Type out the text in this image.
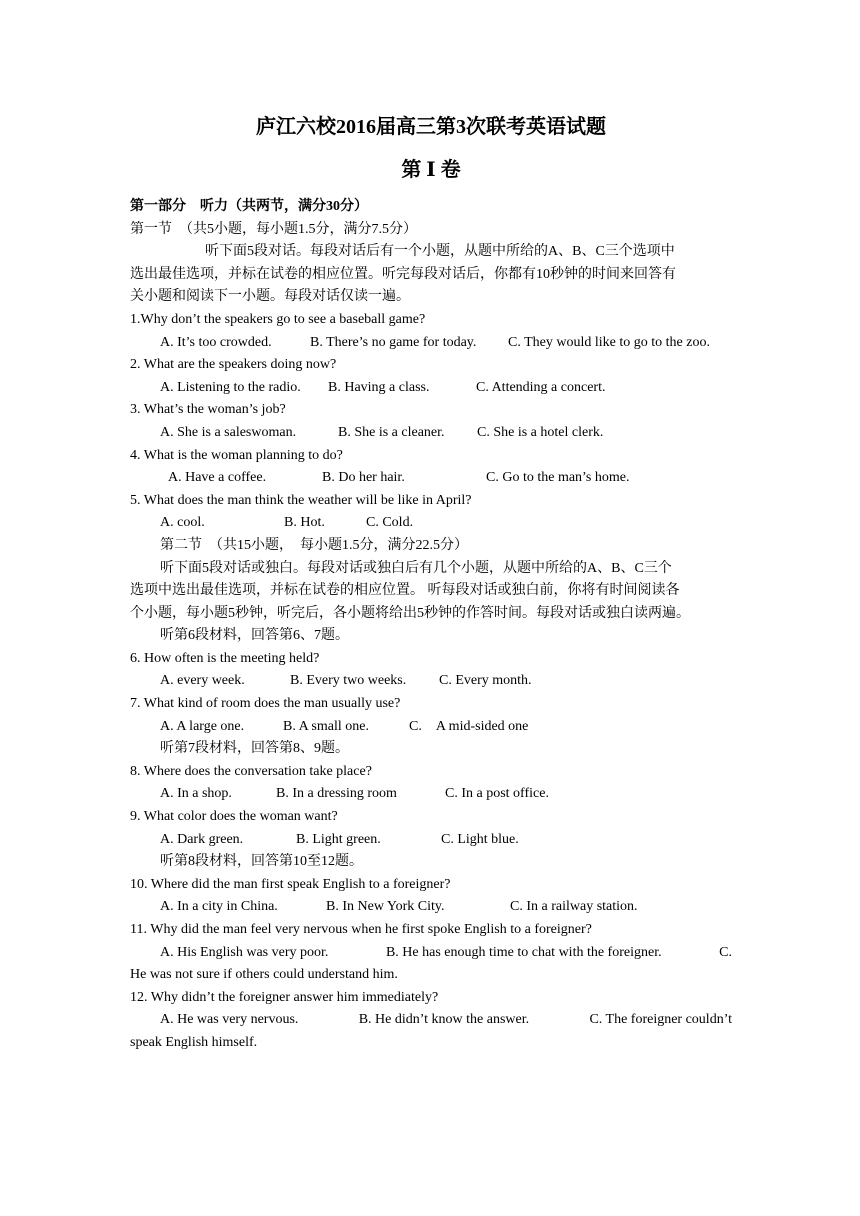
庐江六校2016届高三第3次联考英语试题
第 Ⅰ 卷
第一部分　听力（共两节，满分30分）
第一节　（共5小题，每小题1.5分，满分7.5分）
听下面5段对话。每段对话后有一个小题，从题中所给的A、B、C三个选项中
选出最佳选项，并标在试卷的相应位置。听完每段对话后，你都有10秒钟的时间来回答有
关小题和阅读下一小题。每段对话仅读一遍。
1.Why don’t the speakers go to see a baseball game?
A. It’s too crowded.	B. There’s no game for today.	C. They would like to go to the zoo.
2. What are the speakers doing now?
A. Listening to the radio.	B. Having a class.	C. Attending a concert.
3. What’s the woman’s job?
A. She is a saleswoman.	B. She is a cleaner.	C. She is a hotel clerk.
4. What is the woman planning to do?
A. Have a coffee.	B. Do her hair.	C. Go to the man’s home.
5. What does the man think the weather will be like in April?
A. cool.	B. Hot.	C. Cold.
第二节　（共15小题，　每小题1.5分，满分22.5分）
听下面5段对话或独白。每段对话或独白后有几个小题，从题中所给的A、B、C三个
选项中选出最佳选项，并标在试卷的相应位置。 听每段对话或独白前，你将有时间阅读各
个小题，每小题5秒钟，听完后，各小题将给出5秒钟的作答时间。每段对话或独白读两遍。
听第6段材料，回答第6、7题。
6. How often is the meeting held?
A. every week.	B. Every two weeks.	C. Every month.
7. What kind of room does the man usually use?
A. A large one.	B. A small one.	C.　A mid-sided one
听第7段材料，回答第8、9题。
8. Where does the conversation take place?
A. In a shop.	B. In a dressing room	C. In a post office.
9. What color does the woman want?
A. Dark green.	B. Light green.	C. Light blue.
听第8段材料，回答第10至12题。
10. Where did the man first speak English to a foreigner?
A. In a city in China.	B. In New York City.	C. In a railway station.
11. Why did the man feel very nervous when he first spoke English to a foreigner?
A. His English was very poor.	B. He has enough time to chat with the foreigner.	C.
He was not sure if others could understand him.
12. Why didn’t the foreigner answer him immediately?
A. He was very nervous.	B. He didn’t know the answer.	C. The foreigner couldn’t
speak English himself.
